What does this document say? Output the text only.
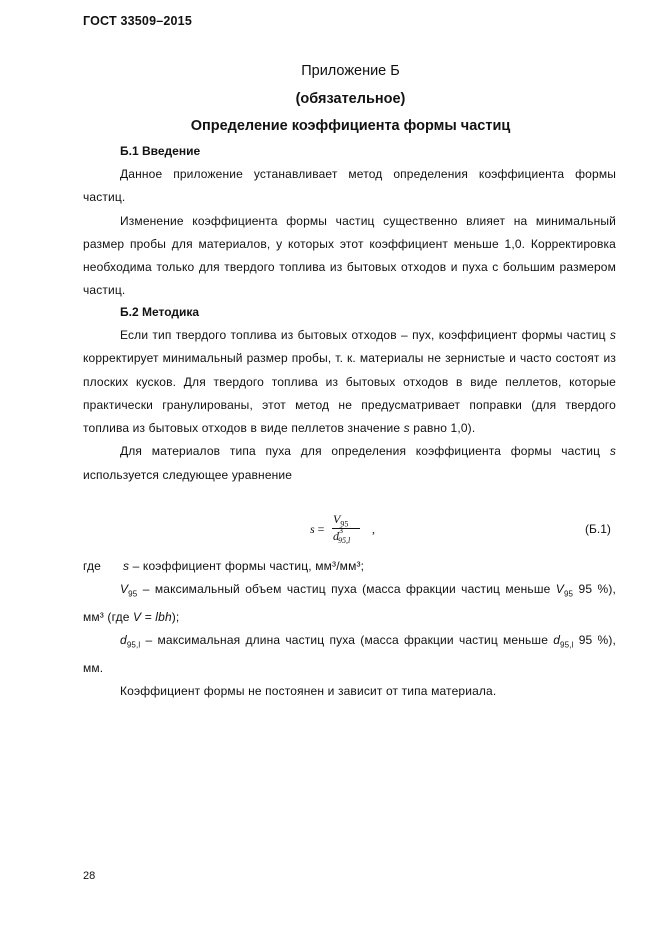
ГОСТ 33509–2015
Приложение Б
(обязательное)
Определение коэффициента формы частиц
Б.1 Введение

Данное приложение устанавливает метод определения коэффициента формы частиц.

Изменение коэффициента формы частиц существенно влияет на минимальный размер пробы для материалов, у которых этот коэффициент меньше 1,0. Корректировка необходима только для твердого топлива из бытовых отходов и пуха с большим размером частиц.

Б.2 Методика

Если тип твердого топлива из бытовых отходов – пух, коэффициент формы частиц s корректирует минимальный размер пробы, т. к. материалы не зернистые и часто состоят из плоских кусков. Для твердого топлива из бытовых отходов в виде пеллетов, которые практически гранулированы, этот метод не предусматривает поправки (для твердого топлива из бытовых отходов в виде пеллетов значение s равно 1,0).

Для материалов типа пуха для определения коэффициента формы частиц s используется следующее уравнение

s =
$V_{95}$
$d^3_{95,l}$
,	(Б.1)

где s – коэффициент формы частиц, мм³/мм³;

$V_{95}$ – максимальный объем частиц пуха (масса фракции частиц меньше $V_{95}$ 95 %), мм³ (где V = lbh);

$d_{95,l}$ – максимальная длина частиц пуха (масса фракции частиц меньше $d_{95,l}$ 95 %), мм.

Коэффициент формы не постоянен и зависит от типа материала.

28
